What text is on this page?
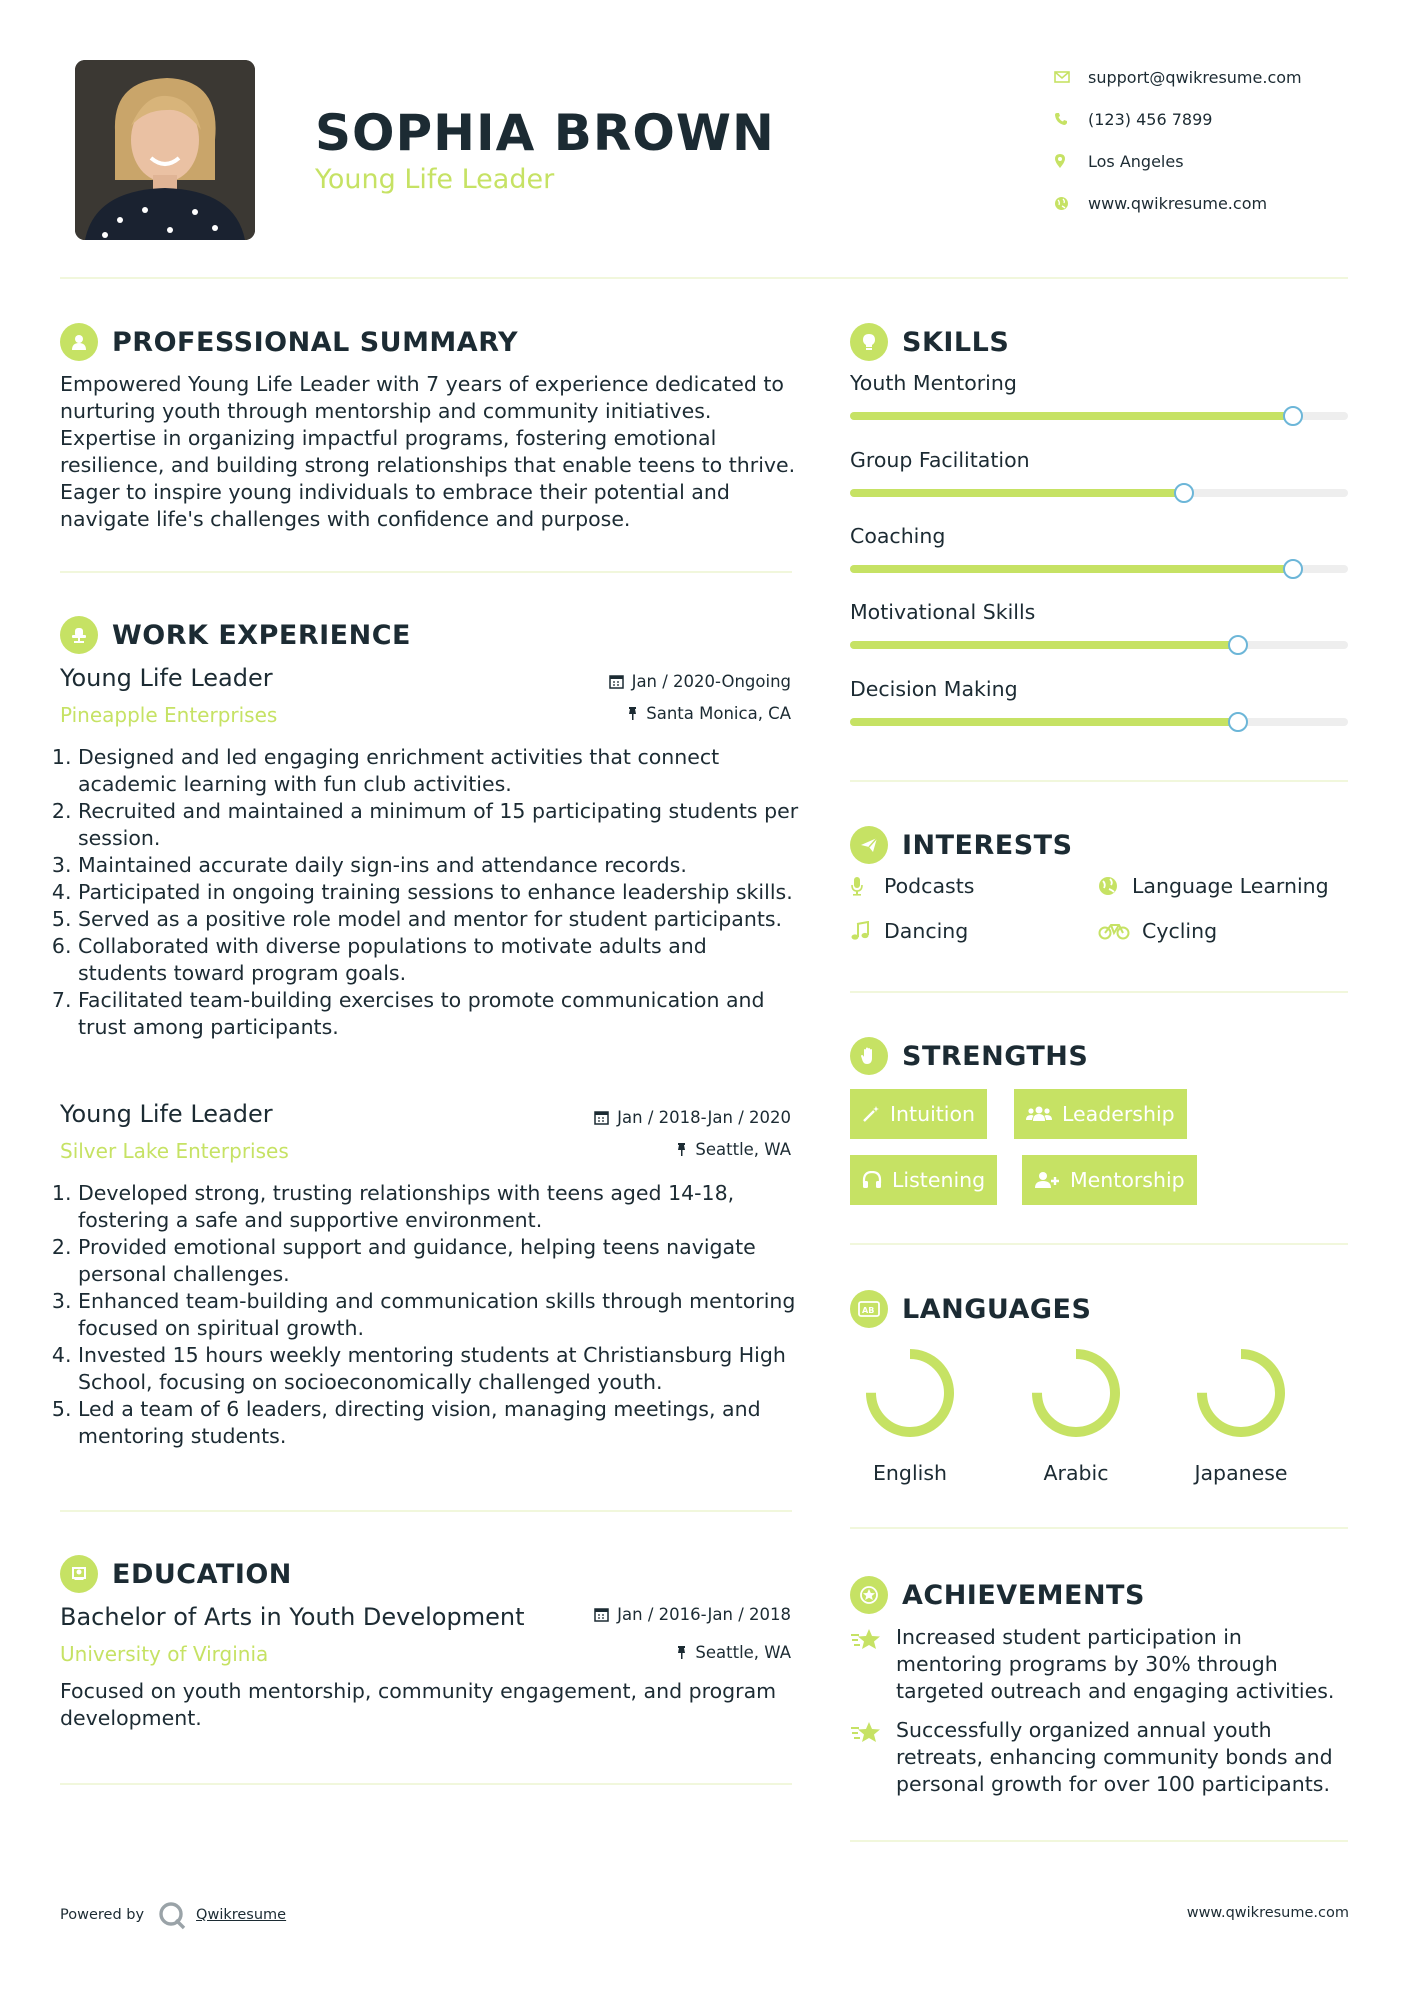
SOPHIA BROWN
Young Life Leader
support@qwikresume.com
(123) 456 7899
Los Angeles
www.qwikresume.com
PROFESSIONAL SUMMARY
Empowered Young Life Leader with 7 years of experience dedicated to nurturing youth through mentorship and community initiatives. Expertise in organizing impactful programs, fostering emotional resilience, and building strong relationships that enable teens to thrive. Eager to inspire young individuals to embrace their potential and navigate life's challenges with confidence and purpose.
WORK EXPERIENCE
Young Life Leader
Pineapple Enterprises
Jan / 2020-Ongoing
Santa Monica, CA
1. Designed and led engaging enrichment activities that connect academic learning with fun club activities.
2. Recruited and maintained a minimum of 15 participating students per session.
3. Maintained accurate daily sign-ins and attendance records.
4. Participated in ongoing training sessions to enhance leadership skills.
5. Served as a positive role model and mentor for student participants.
6. Collaborated with diverse populations to motivate adults and students toward program goals.
7. Facilitated team-building exercises to promote communication and trust among participants.
Young Life Leader
Silver Lake Enterprises
Jan / 2018-Jan / 2020
Seattle, WA
1. Developed strong, trusting relationships with teens aged 14-18, fostering a safe and supportive environment.
2. Provided emotional support and guidance, helping teens navigate personal challenges.
3. Enhanced team-building and communication skills through mentoring focused on spiritual growth.
4. Invested 15 hours weekly mentoring students at Christiansburg High School, focusing on socioeconomically challenged youth.
5. Led a team of 6 leaders, directing vision, managing meetings, and mentoring students.
EDUCATION
Bachelor of Arts in Youth Development
University of Virginia
Jan / 2016-Jan / 2018
Seattle, WA
Focused on youth mentorship, community engagement, and program development.
SKILLS
Youth Mentoring
Group Facilitation
Coaching
Motivational Skills
Decision Making
INTERESTS
Podcasts	Language Learning
Dancing	Cycling
STRENGTHS
Intuition	Leadership
Listening	Mentorship
AB LANGUAGES
English	Arabic	Japanese
ACHIEVEMENTS
Increased student participation in mentoring programs by 30% through targeted outreach and engaging activities.
Successfully organized annual youth retreats, enhancing community bonds and personal growth for over 100 participants.
Powered by	Qwikresume	www.qwikresume.com
